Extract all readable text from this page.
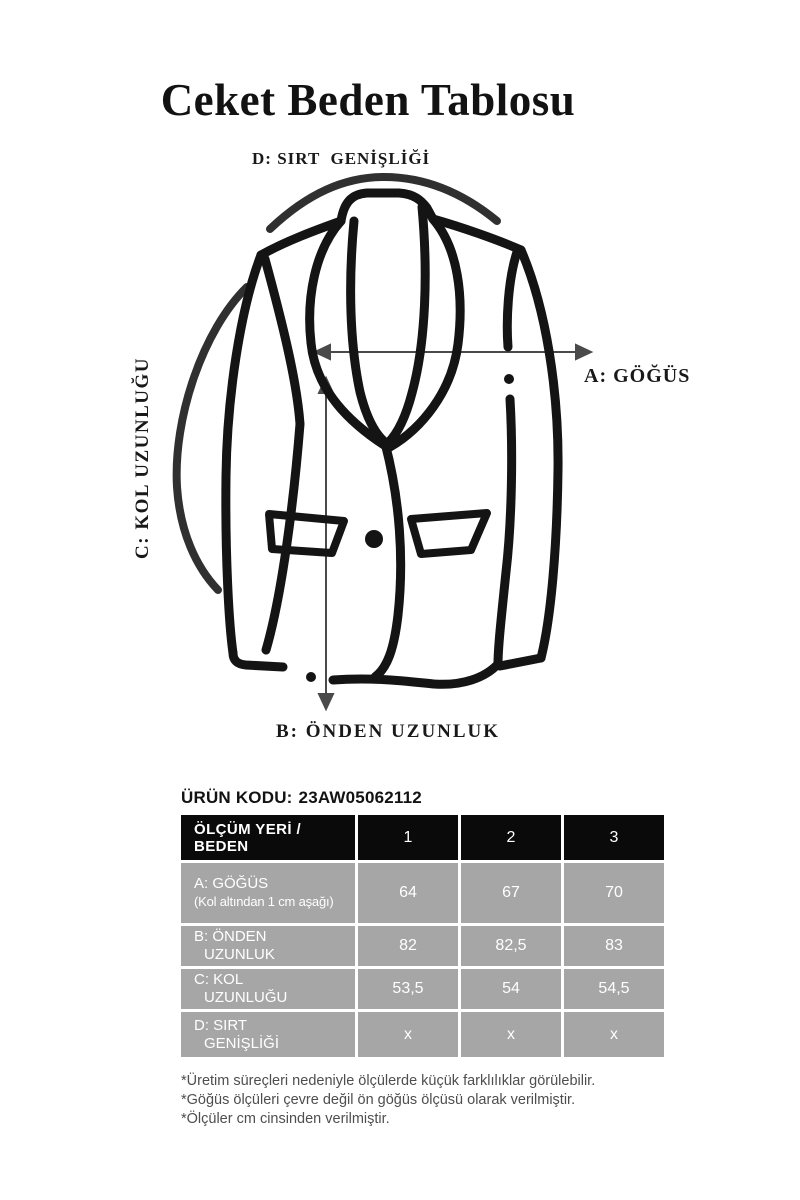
Ceket Beden Tablosu
D: SIRT  GENİŞLİĞİ
A: GÖĞÜS
C: KOL UZUNLUĞU
B: ÖNDEN UZUNLUK
ÜRÜN KODU: 23AW05062112
ÖLÇÜM YERİ / BEDEN
1	2	3
A: GÖĞÜS
(Kol altından 1 cm aşağı)
64	67	70
B: ÖNDEN
UZUNLUK
82	82,5	83
C: KOL
UZUNLUĞU
53,5	54	54,5
D: SIRT
GENİŞLİĞİ
x	x	x
*Üretim süreçleri nedeniyle ölçülerde küçük farklılıklar görülebilir.
*Göğüs ölçüleri çevre değil ön göğüs ölçüsü olarak verilmiştir.
*Ölçüler cm cinsinden verilmiştir.
